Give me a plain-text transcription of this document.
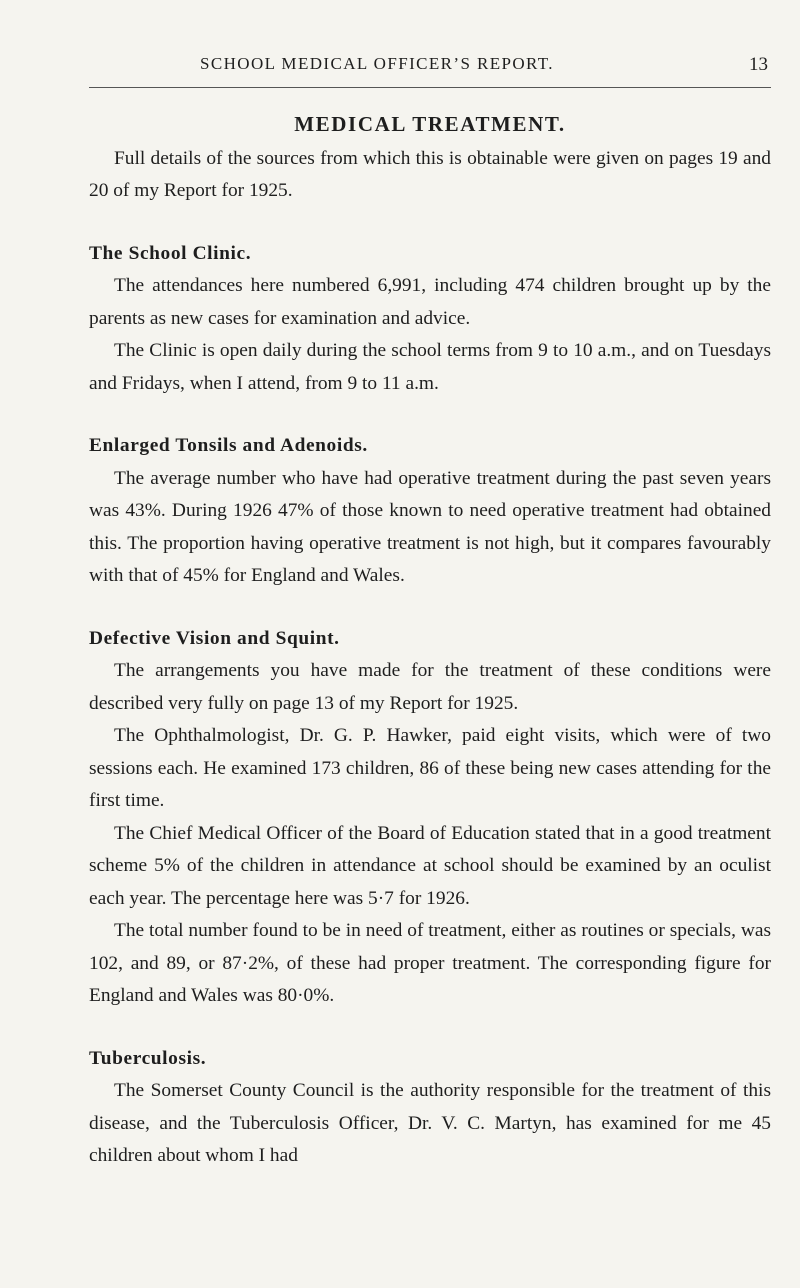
SCHOOL MEDICAL OFFICER’S REPORT.	13
MEDICAL TREATMENT.

Full details of the sources from which this is obtainable were given on pages 19 and 20 of my Report for 1925.

The School Clinic.

The attendances here numbered 6,991, including 474 children brought up by the parents as new cases for examination and advice.

The Clinic is open daily during the school terms from 9 to 10 a.m., and on Tuesdays and Fridays, when I attend, from 9 to 11 a.m.

Enlarged Tonsils and Adenoids.

The average number who have had operative treatment during the past seven years was 43%. During 1926 47% of those known to need operative treatment had obtained this. The proportion having operative treatment is not high, but it compares favourably with that of 45% for England and Wales.

Defective Vision and Squint.

The arrangements you have made for the treatment of these conditions were described very fully on page 13 of my Report for 1925.

The Ophthalmologist, Dr. G. P. Hawker, paid eight visits, which were of two sessions each. He examined 173 children, 86 of these being new cases attending for the first time.

The Chief Medical Officer of the Board of Education stated that in a good treatment scheme 5% of the children in attendance at school should be examined by an oculist each year. The percentage here was 5·7 for 1926.

The total number found to be in need of treatment, either as routines or specials, was 102, and 89, or 87·2%, of these had proper treatment. The corresponding figure for England and Wales was 80·0%.

Tuberculosis.

The Somerset County Council is the authority responsible for the treatment of this disease, and the Tuberculosis Officer, Dr. V. C. Martyn, has examined for me 45 children about whom I had
